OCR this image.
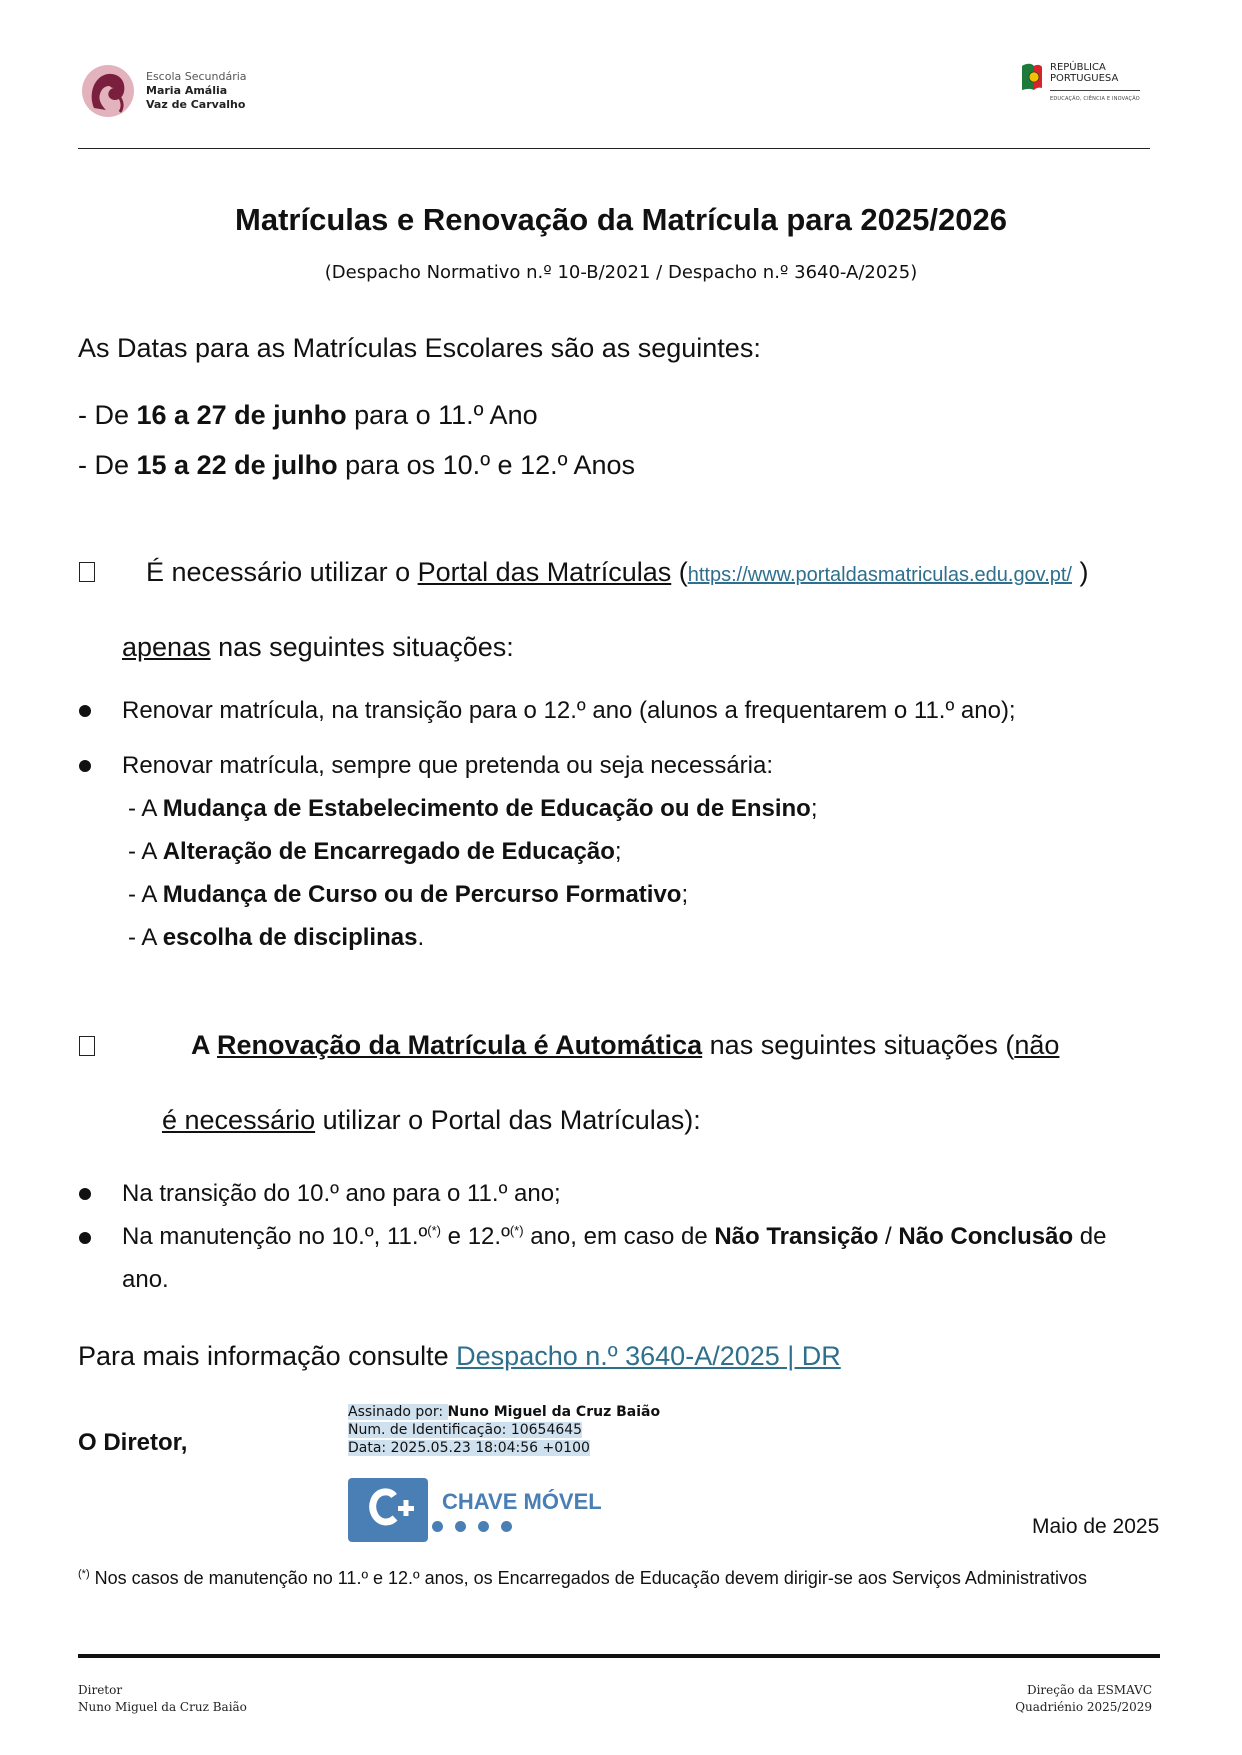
Escola Secundária
Maria Amália
Vaz de Carvalho
REPÚBLICA
PORTUGUESA
EDUCAÇÃO, CIÊNCIA E INOVAÇÃO
Matrículas e Renovação da Matrícula para 2025/2026
(Despacho Normativo n.º 10-B/2021 / Despacho n.º 3640-A/2025)
As Datas para as Matrículas Escolares são as seguintes:
- De 16 a 27 de junho para o 11.º Ano
- De 15 a 22 de julho para os 10.º e 12.º Anos
É necessário utilizar o Portal das Matrículas (https://www.portaldasmatriculas.edu.gov.pt/ )
apenas nas seguintes situações:
Renovar matrícula, na transição para o 12.º ano (alunos a frequentarem o 11.º ano);
Renovar matrícula, sempre que pretenda ou seja necessária:
- A Mudança de Estabelecimento de Educação ou de Ensino;
- A Alteração de Encarregado de Educação;
- A Mudança de Curso ou de Percurso Formativo;
- A escolha de disciplinas.
A Renovação da Matrícula é Automática nas seguintes situações (não
é necessário utilizar o Portal das Matrículas):
Na transição do 10.º ano para o 11.º ano;
Na manutenção no 10.º, 11.º(*) e 12.º(*) ano, em caso de Não Transição / Não Conclusão de
ano.
Para mais informação consulte Despacho n.º 3640-A/2025 | DR
O Diretor,
Assinado por: Nuno Miguel da Cruz Baião
Num. de Identificação: 10654645
Data: 2025.05.23 18:04:56 +0100
CHAVE MÓVEL
Maio de 2025
(*) Nos casos de manutenção no 11.º e 12.º anos, os Encarregados de Educação devem dirigir-se aos Serviços Administrativos
Diretor
Nuno Miguel da Cruz Baião
Direção da ESMAVC
Quadriénio 2025/2029
